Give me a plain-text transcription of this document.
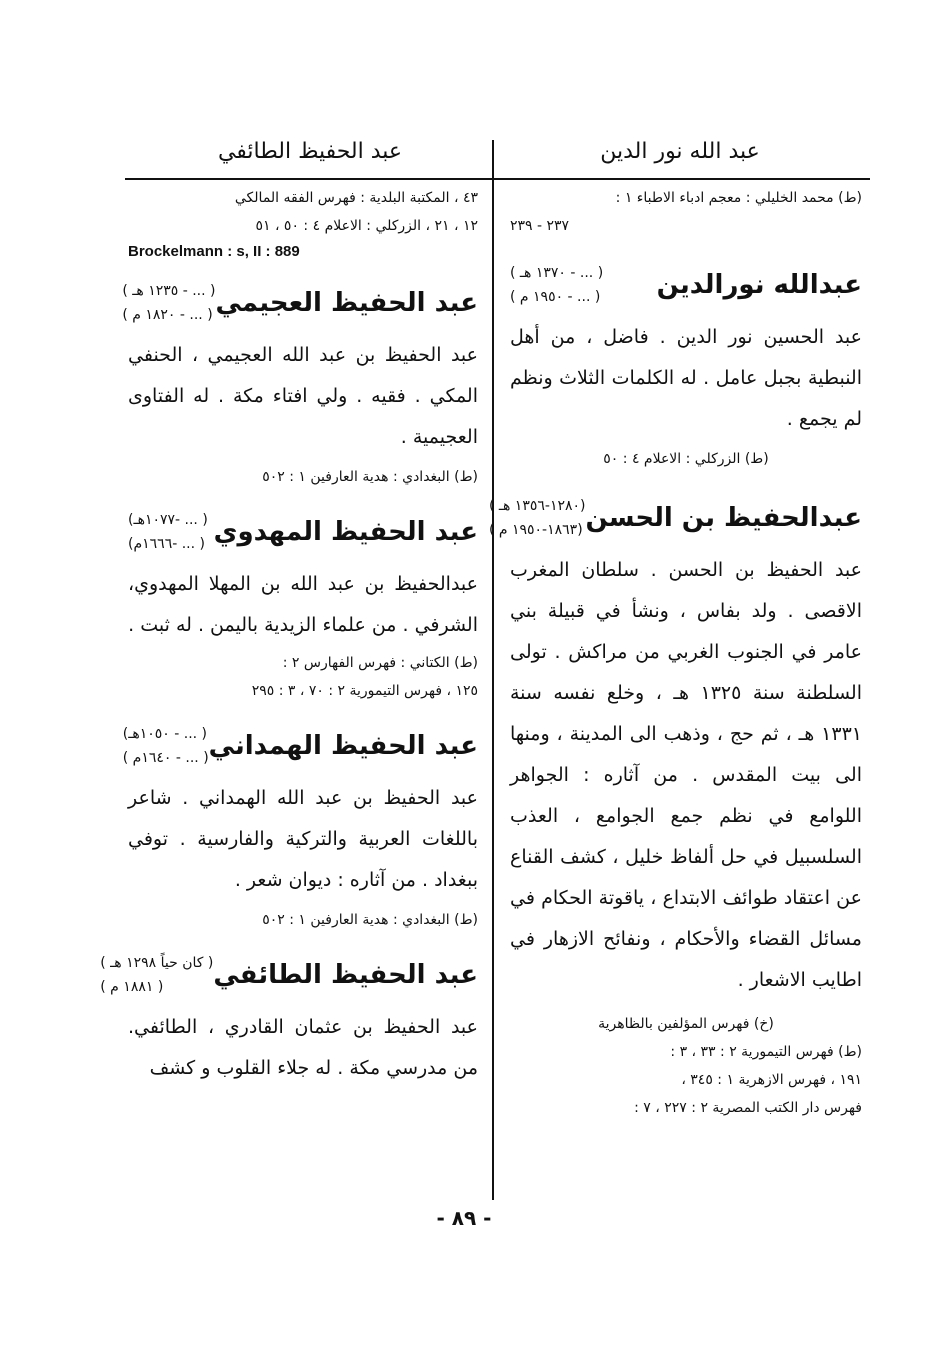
عبد الله نور الدين
عبد الحفيظ الطائفي
(ط) محمد الخليلي : معجم ادباء الاطباء ١ :
٢٣٧ - ٢٣٩
عبدالله نورالدين
( ... - ١٣٧٠ هـ )
( ... - ١٩٥٠ م )

عبد الحسين نور الدين . فاضل ، من أهل النبطية بجبل عامل . له الكلمات الثلاث ونظم لم يجمع .

(ط) الزركلي : الاعلام ٤ : ٥٠
عبدالحفيظ بن الحسن
(١٢٨٠-١٣٥٦ هـ )
(١٨٦٣-١٩٥٠ م )

عبد الحفيظ بن الحسن . سلطان المغرب الاقصى . ولد بفاس ، ونشأ في قبيلة بني عامر في الجنوب الغربي من مراكش . تولى السلطنة سنة ١٣٢٥ هـ ، وخلع نفسه سنة ١٣٣١ هـ ، ثم حج ، وذهب الى المدينة ، ومنها الى بيت المقدس . من آثاره : الجواهر اللوامع في نظم جمع الجوامع ، العذب السلسبيل في حل ألفاظ خليل ، كشف القناع عن اعتقاد طوائف الابتداع ، ياقوتة الحكام في مسائل القضاء والأحكام ، ونفائح الازهار في اطايب الاشعار .

(خ) فهرس المؤلفين بالظاهرية
(ط) فهرس التيمورية ٢ : ٣٣ ، ٣ :
١٩١ ، فهرس الازهرية ١ : ٣٤٥ ،
فهرس دار الكتب المصرية ٢ : ٢٢٧ ، ٧ :
٤٣ ، المكتبة البلدية : فهرس الفقه المالكي
١٢ ، ٢١ ، الزركلي : الاعلام ٤ : ٥٠ ، ٥١
Brockelmann : s, II : 889
عبد الحفيظ العجيمي
( ... - ١٢٣٥ هـ )
( ... - ١٨٢٠ م )

عبد الحفيظ بن عبد الله العجيمي ، الحنفي المكي . فقيه . ولي افتاء مكة . له الفتاوى العجيمية .

(ط) البغدادي : هدية العارفين ١ : ٥٠٢
عبد الحفيظ المهدوي
( ... -١٠٧٧هـ)
( ... -١٦٦٦م)

عبدالحفيظ بن عبد الله بن المهلا المهدوي، الشرفي . من علماء الزيدية باليمن . له ثبت .

(ط) الكتاني : فهرس الفهارس ٢ :
١٢٥ ، فهرس التيمورية ٢ : ٧٠ ، ٣ : ٢٩٥
عبد الحفيظ الهمداني
( ... - ١٠٥٠هـ)
( ... - ١٦٤٠م )

عبد الحفيظ بن عبد الله الهمداني . شاعر باللغات العربية والتركية والفارسية . توفي ببغداد . من آثاره : ديوان شعر .

(ط) البغدادي : هدية العارفين ١ : ٥٠٢
عبد الحفيظ الطائفي
( كان حياً ١٢٩٨ هـ )
( ١٨٨١ م )

عبد الحفيظ بن عثمان القادري ، الطائفي. من مدرسي مكة . له جلاء القلوب و كشف

- ٨٩ -
